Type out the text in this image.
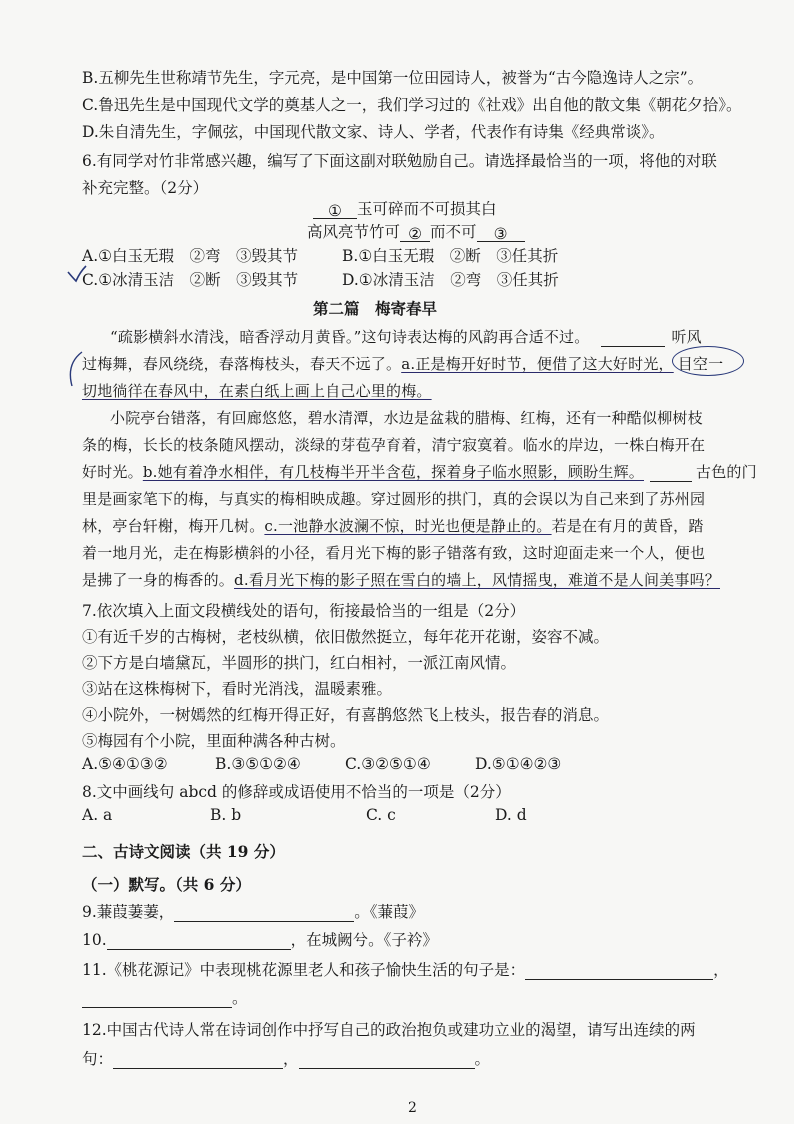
B.五柳先生世称靖节先生，字元亮，是中国第一位田园诗人，被誉为“古今隐逸诗人之宗”。
C.鲁迅先生是中国现代文学的奠基人之一，我们学习过的《社戏》出自他的散文集《朝花夕拾》。
D.朱自清先生，字佩弦，中国现代散文家、诗人、学者，代表作有诗集《经典常谈》。
6.有同学对竹非常感兴趣，编写了下面这副对联勉励自己。请选择最恰当的一项，将他的对联
补充完整。（2分）
① 玉可碎而不可损其白
高风亮节竹可 ② 而不可 ③
A.①白玉无瑕　②弯　③毁其节	B.①白玉无瑕　②断　③任其折
C.①冰清玉洁　②断　③毁其节	D.①冰清玉洁　②弯　③任其折
第二篇　梅寄春早
“疏影横斜水清浅，暗香浮动月黄昏。”这句诗表达梅的风韵再合适不过。	听风
过梅舞，春风绕绕，春落梅枝头，春天不远了。a.正是梅开好时节，便借了这大好时光， 目空一
切地徜徉在春风中，在素白纸上画上自己心里的梅。
小院亭台错落，有回廊悠悠，碧水清潭，水边是盆栽的腊梅、红梅，还有一种酷似柳树枝
条的梅，长长的枝条随风摆动，淡绿的芽苞孕育着，清宁寂寞着。临水的岸边，一株白梅开在
好时光。b.她有着净水相伴，有几枝梅半开半含苞，探着身子临水照影，顾盼生辉。	古色的门
里是画家笔下的梅，与真实的梅相映成趣。穿过圆形的拱门，真的会误以为自己来到了苏州园
林，亭台轩榭，梅开几树。c.一池静水波澜不惊，时光也便是静止的。若是在有月的黄昏，踏
着一地月光，走在梅影横斜的小径，看月光下梅的影子错落有致，这时迎面走来一个人，便也
是拂了一身的梅香的。d.看月光下梅的影子照在雪白的墙上，风情摇曳，难道不是人间美事吗？
7.依次填入上面文段横线处的语句，衔接最恰当的一组是（2分）
①有近千岁的古梅树，老枝纵横，依旧傲然挺立，每年花开花谢，姿容不减。
②下方是白墙黛瓦，半圆形的拱门，红白相衬，一派江南风情。
③站在这株梅树下，看时光消浅，温暖素雅。
④小院外，一树嫣然的红梅开得正好，有喜鹊悠然飞上枝头，报告春的消息。
⑤梅园有个小院，里面种满各种古树。
A.⑤④①③②	B.③⑤①②④	C.③②⑤①④	D.⑤①④②③
8.文中画线句 abcd 的修辞或成语使用不恰当的一项是（2分）
A. a	B. b	C. c	D. d
二、古诗文阅读（共 19 分）
（一）默写。（共 6 分）
9.蒹葭萋萋，	。《蒹葭》
10.	，在城阙兮。《子衿》
11.《桃花源记》中表现桃花源里老人和孩子愉快生活的句子是：	，
。
12.中国古代诗人常在诗词创作中抒写自己的政治抱负或建功立业的渴望，请写出连续的两
句：	，	。
2
